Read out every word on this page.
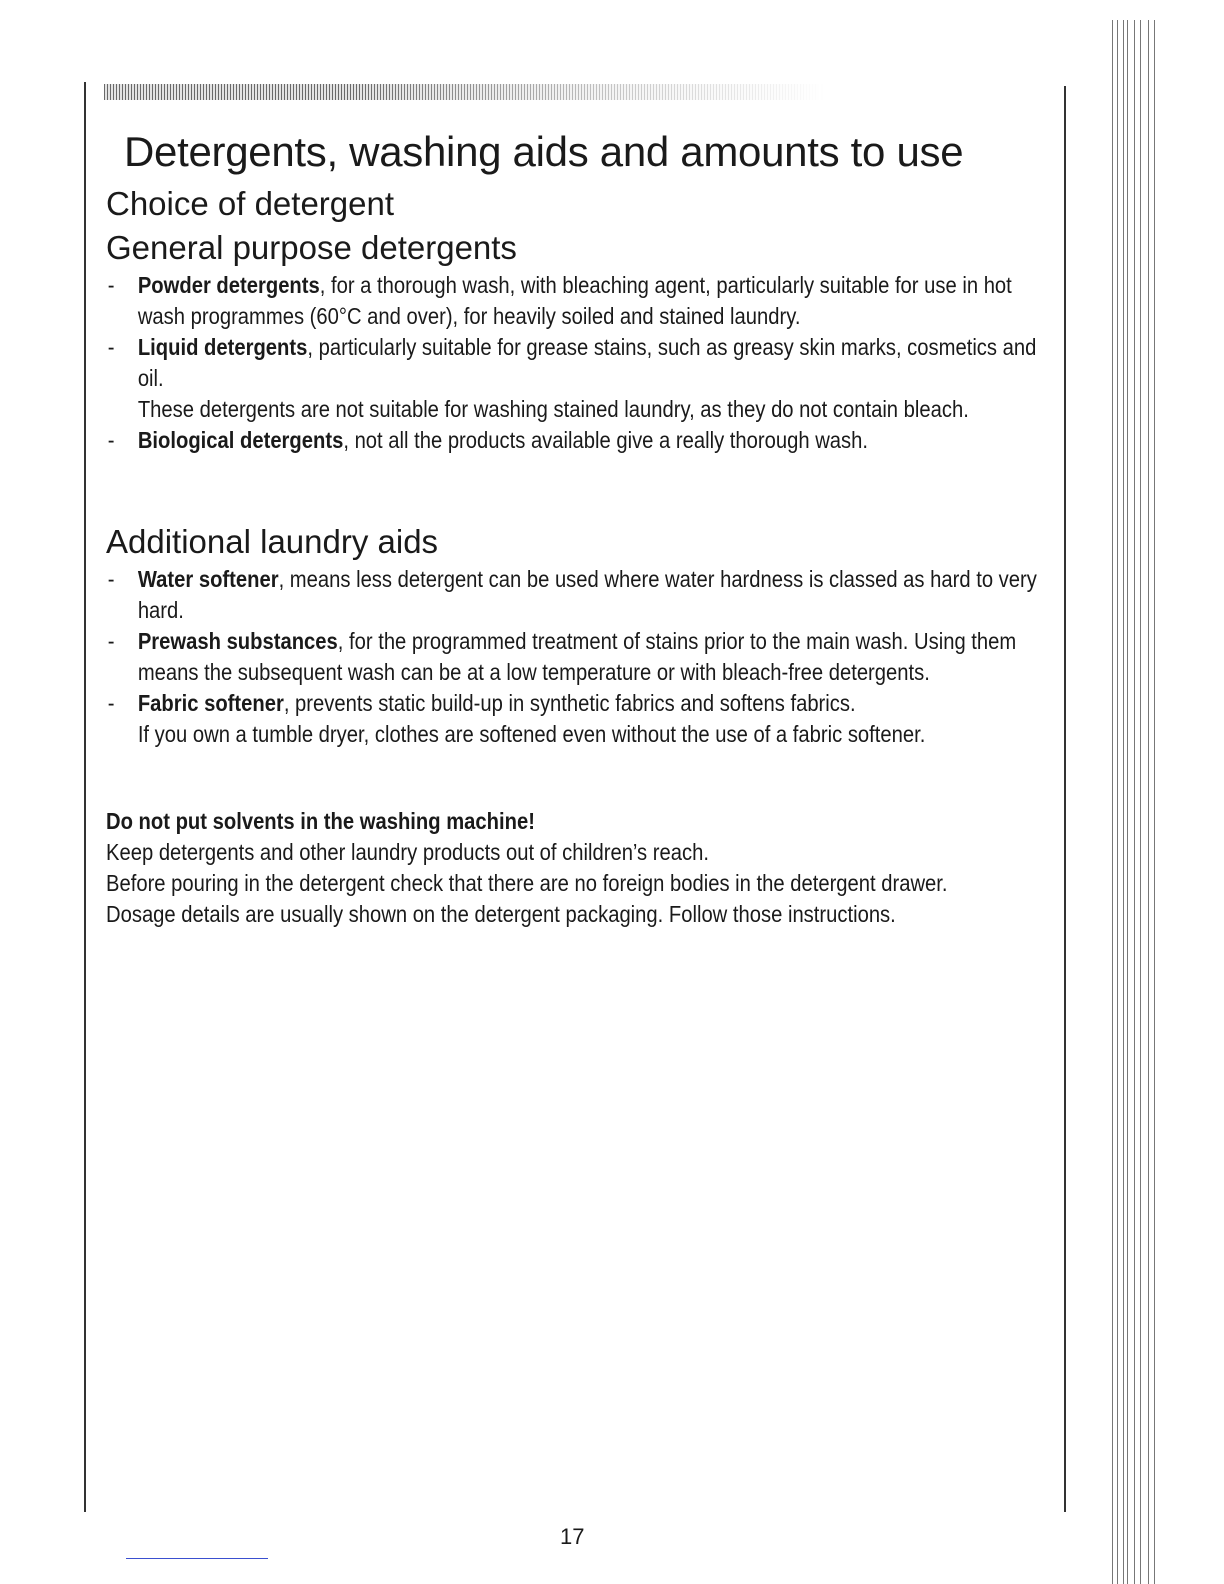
Detergents, washing aids and amounts to use
Choice of detergent
General purpose detergents
- Powder detergents, for a thorough wash, with bleaching agent, particularly suitable for use in hot wash programmes (60°C and over), for heavily soiled and stained laundry.
- Liquid detergents, particularly suitable for grease stains, such as greasy skin marks, cosmetics and oil.
These detergents are not suitable for washing stained laundry, as they do not contain bleach.
- Biological detergents, not all the products available give a really thorough wash.
Additional laundry aids
- Water softener, means less detergent can be used where water hardness is classed as hard to very hard.
- Prewash substances, for the programmed treatment of stains prior to the main wash. Using them means the subsequent wash can be at a low temperature or with bleach-free detergents.
- Fabric softener, prevents static build-up in synthetic fabrics and softens fabrics.
If you own a tumble dryer, clothes are softened even without the use of a fabric softener.

Do not put solvents in the washing machine!

Keep detergents and other laundry products out of children’s reach.

Before pouring in the detergent check that there are no foreign bodies in the detergent drawer.

Dosage details are usually shown on the detergent packaging. Follow those instructions.

17
